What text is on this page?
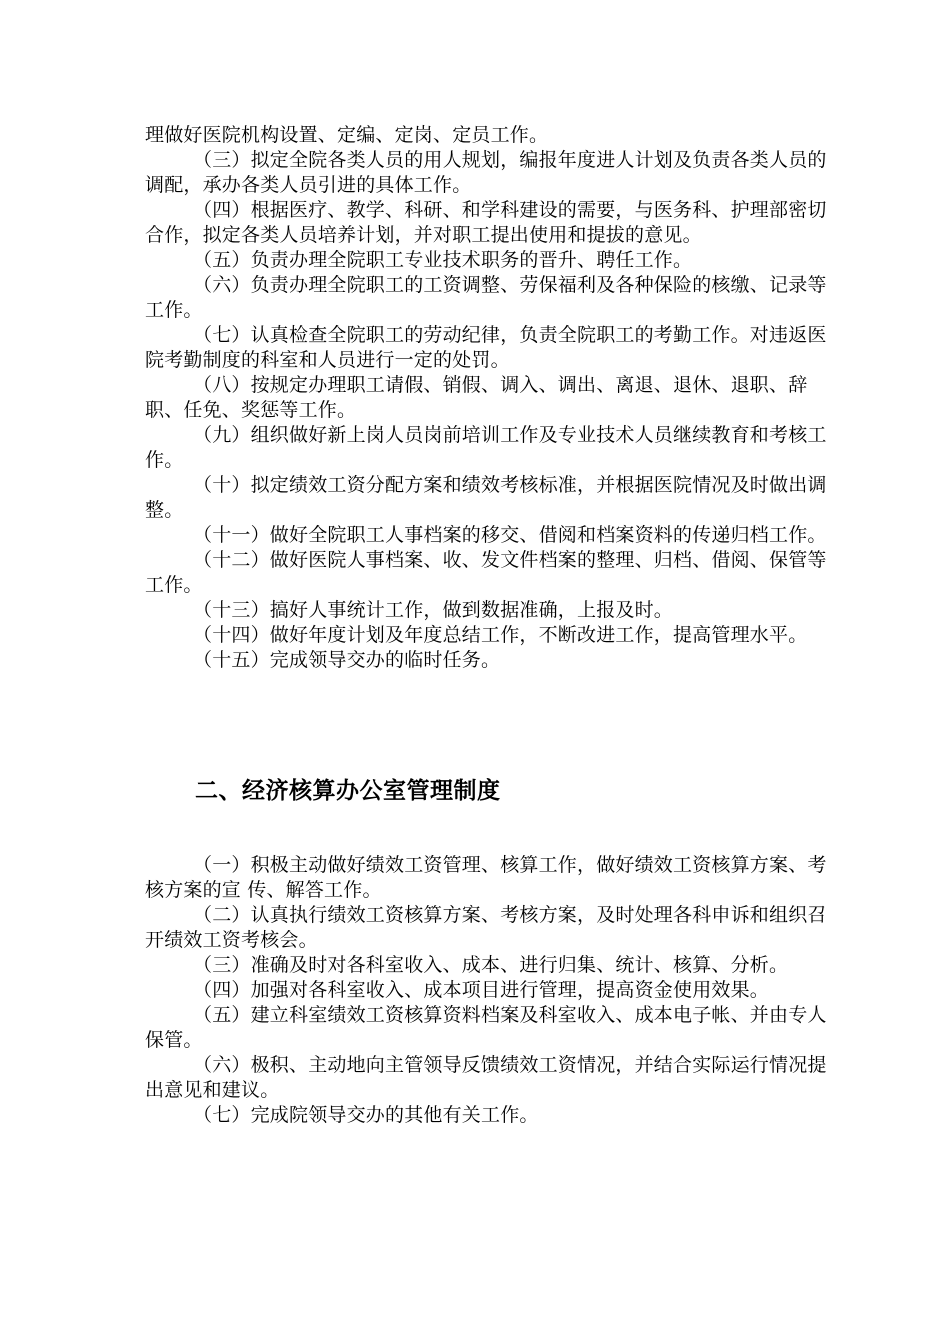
理做好医院机构设置、定编、定岗、定员工作。

（三）拟定全院各类人员的用人规划，编报年度进人计划及负责各类人员的调配，承办各类人员引进的具体工作。

（四）根据医疗、教学、科研、和学科建设的需要，与医务科、护理部密切合作，拟定各类人员培养计划，并对职工提出使用和提拔的意见。

（五）负责办理全院职工专业技术职务的晋升、聘任工作。

（六）负责办理全院职工的工资调整、劳保福利及各种保险的核缴、记录等工作。

（七）认真检查全院职工的劳动纪律，负责全院职工的考勤工作。对违返医院考勤制度的科室和人员进行一定的处罚。

（八）按规定办理职工请假、销假、调入、调出、离退、退休、退职、辞职、任免、奖惩等工作。

（九）组织做好新上岗人员岗前培训工作及专业技术人员继续教育和考核工作。

（十）拟定绩效工资分配方案和绩效考核标准，并根据医院情况及时做出调整。

（十一）做好全院职工人事档案的移交、借阅和档案资料的传递归档工作。

（十二）做好医院人事档案、收、发文件档案的整理、归档、借阅、保管等工作。

（十三）搞好人事统计工作，做到数据准确，上报及时。

（十四）做好年度计划及年度总结工作，不断改进工作，提高管理水平。

（十五）完成领导交办的临时任务。

二、经济核算办公室管理制度

（一）积极主动做好绩效工资管理、核算工作，做好绩效工资核算方案、考核方案的宣 传、解答工作。

（二）认真执行绩效工资核算方案、考核方案，及时处理各科申诉和组织召开绩效工资考核会。

（三）准确及时对各科室收入、成本、进行归集、统计、核算、分析。

（四）加强对各科室收入、成本项目进行管理，提高资金使用效果。

（五）建立科室绩效工资核算资料档案及科室收入、成本电子帐、并由专人保管。

（六）极积、主动地向主管领导反馈绩效工资情况，并结合实际运行情况提出意见和建议。

（七）完成院领导交办的其他有关工作。
